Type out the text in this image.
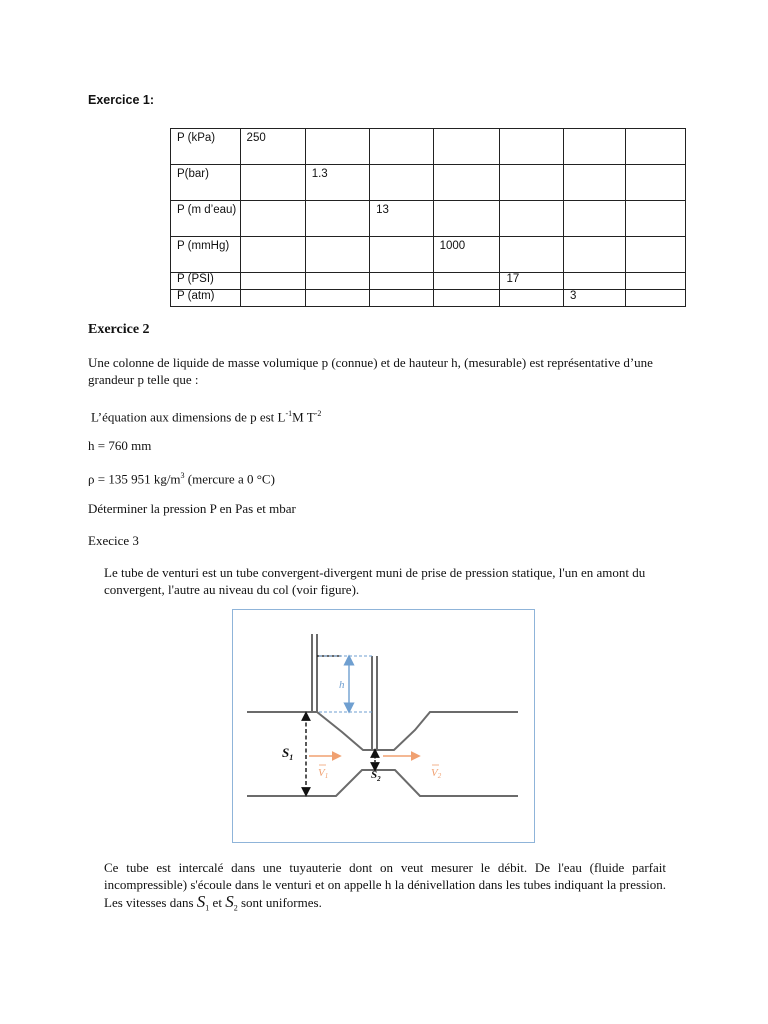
Exercice 1:
P (kPa)	250						
P(bar)		1.3					
P (m d’eau)			13				
P (mmHg)				1000			
P (PSI)					17		
P (atm)						3	
Exercice 2
Une colonne de liquide de masse volumique p (connue) et de hauteur h, (mesurable) est représentative d’une grandeur p telle que :
L’équation aux dimensions de p est $L^{-1}M$ $T^{-2}$
h = 760 mm
ρ = 135 951 $kg/m^3$ (mercure a 0 °C)
Déterminer la pression P en Pas et mbar
Execice 3
Le tube de venturi est un tube convergent-divergent muni de prise de pression statique, l'un en amont du convergent, l'autre au niveau du col (voir figure).
h
$S_1$
$S_2$
V1	V2
Ce tube est intercalé dans une tuyauterie dont on veut mesurer le débit. De l'eau (fluide parfait incompressible) s'écoule dans le venturi et on appelle h la dénivellation dans les tubes indiquant la pression. Les vitesses dans $S_1$ et $S_2$ sont uniformes.
